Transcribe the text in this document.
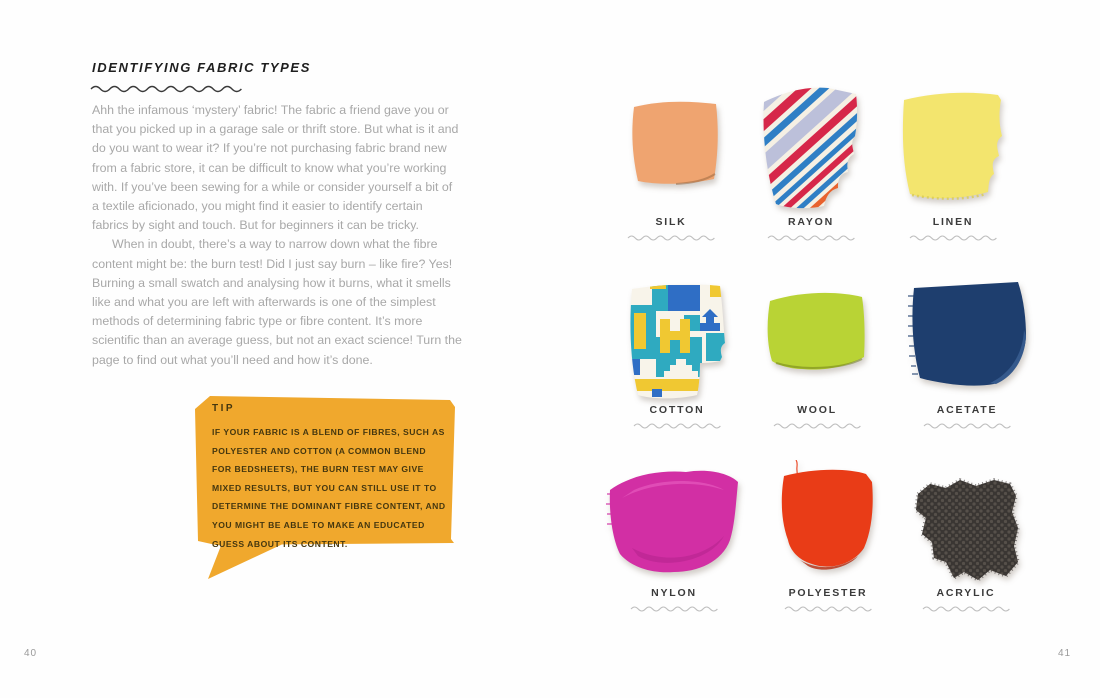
IDENTIFYING FABRIC TYPES

Ahh the infamous ‘mystery’ fabric! The fabric a friend gave you or that you picked up in a garage sale or thrift store. But what is it and do you want to wear it? If you’re not purchasing fabric brand new from a fabric store, it can be difficult to know what you’re working with. If you’ve been sewing for a while or consider yourself a bit of a textile aficionado, you might find it easier to identify certain fabrics by sight and touch. But for beginners it can be tricky.

When in doubt, there’s a way to narrow down what the fibre content might be: the burn test! Did I just say burn – like fire? Yes! Burning a small swatch and analysing how it burns, what it smells like and what you are left with afterwards is one of the simplest methods of determining fabric type or fibre content. It’s more scientific than an average guess, but not an exact science! Turn the page to find out what you’ll need and how it’s done.

TIP
IF YOUR FABRIC IS A BLEND OF FIBRES, SUCH AS POLYESTER AND COTTON (A COMMON BLEND FOR BEDSHEETS), THE BURN TEST MAY GIVE MIXED RESULTS, BUT YOU CAN STILL USE IT TO DETERMINE THE DOMINANT FIBRE CONTENT, AND YOU MIGHT BE ABLE TO MAKE AN EDUCATED GUESS ABOUT ITS CONTENT.
40
SILK	RAYON	LINEN
COTTON	WOOL	ACETATE
NYLON	POLYESTER	ACRYLIC
41
